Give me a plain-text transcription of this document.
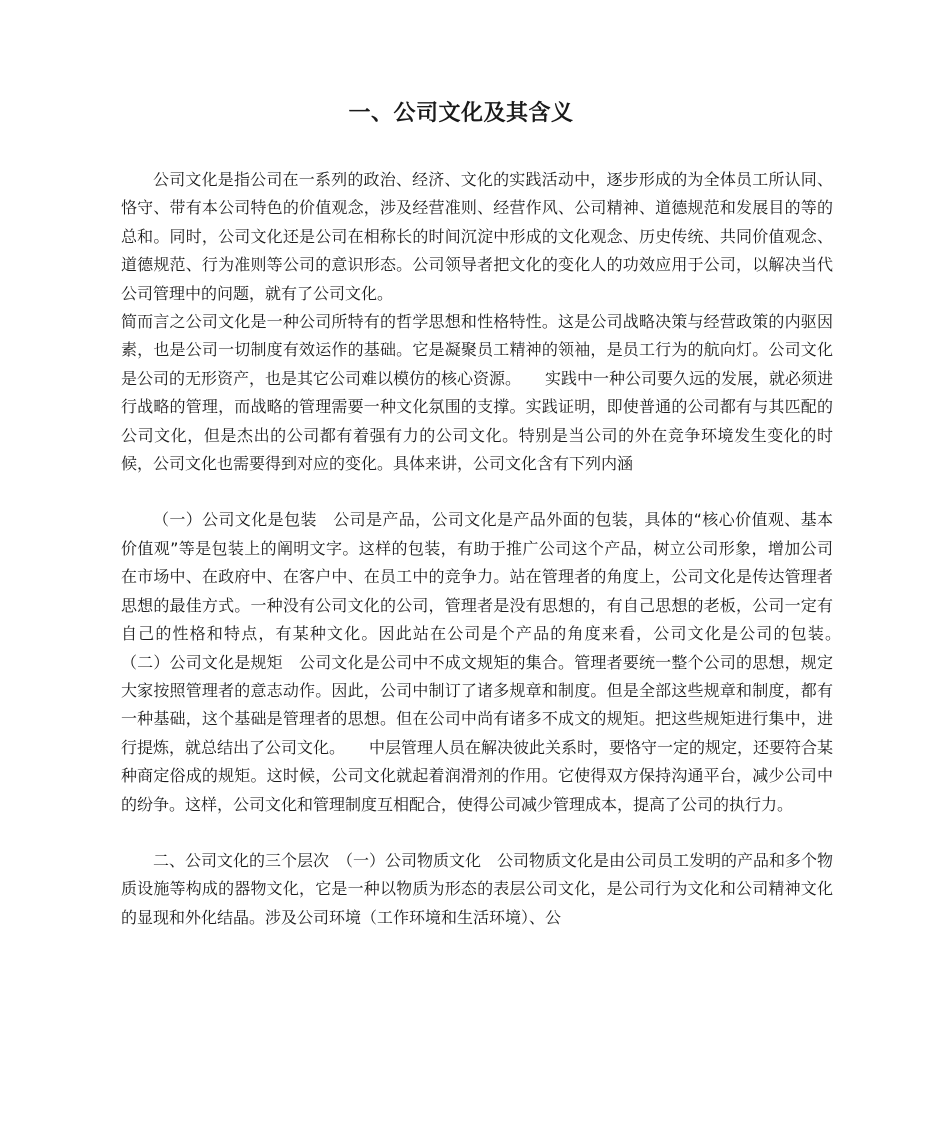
一、公司文化及其含义

公司文化是指公司在一系列的政治、经济、文化的实践活动中，逐步形成的为全体员工所认同、恪守、带有本公司特色的价值观念，涉及经营准则、经营作风、公司精神、道德规范和发展目的等的总和。同时，公司文化还是公司在相称长的时间沉淀中形成的文化观念、历史传统、共同价值观念、道德规范、行为准则等公司的意识形态。公司领导者把文化的变化人的功效应用于公司，以解决当代公司管理中的问题，就有了公司文化。

简而言之公司文化是一种公司所特有的哲学思想和性格特性。这是公司战略决策与经营政策的内驱因素，也是公司一切制度有效运作的基础。它是凝聚员工精神的领袖，是员工行为的航向灯。公司文化是公司的无形资产，也是其它公司难以模仿的核心资源。　　实践中一种公司要久远的发展，就必须进行战略的管理，而战略的管理需要一种文化氛围的支撑。实践证明，即使普通的公司都有与其匹配的公司文化，但是杰出的公司都有着强有力的公司文化。特别是当公司的外在竞争环境发生变化的时候，公司文化也需要得到对应的变化。具体来讲，公司文化含有下列内涵

（一）公司文化是包装　公司是产品，公司文化是产品外面的包装，具体的“核心价值观、基本价值观”等是包装上的阐明文字。这样的包装，有助于推广公司这个产品，树立公司形象，增加公司在市场中、在政府中、在客户中、在员工中的竞争力。站在管理者的角度上，公司文化是传达管理者思想的最佳方式。一种没有公司文化的公司，管理者是没有思想的，有自己思想的老板，公司一定有自己的性格和特点，有某种文化。因此站在公司是个产品的角度来看，公司文化是公司的包装。　　（二）公司文化是规矩　公司文化是公司中不成文规矩的集合。管理者要统一整个公司的思想，规定大家按照管理者的意志动作。因此，公司中制订了诸多规章和制度。但是全部这些规章和制度，都有一种基础，这个基础是管理者的思想。但在公司中尚有诸多不成文的规矩。把这些规矩进行集中，进行提炼，就总结出了公司文化。　　中层管理人员在解决彼此关系时，要恪守一定的规定，还要符合某种商定俗成的规矩。这时候，公司文化就起着润滑剂的作用。它使得双方保持沟通平台，减少公司中的纷争。这样，公司文化和管理制度互相配合，使得公司减少管理成本，提高了公司的执行力。

二、公司文化的三个层次　（一）公司物质文化　公司物质文化是由公司员工发明的产品和多个物质设施等构成的器物文化，它是一种以物质为形态的表层公司文化，是公司行为文化和公司精神文化的显现和外化结晶。涉及公司环境（工作环境和生活环境）、公
